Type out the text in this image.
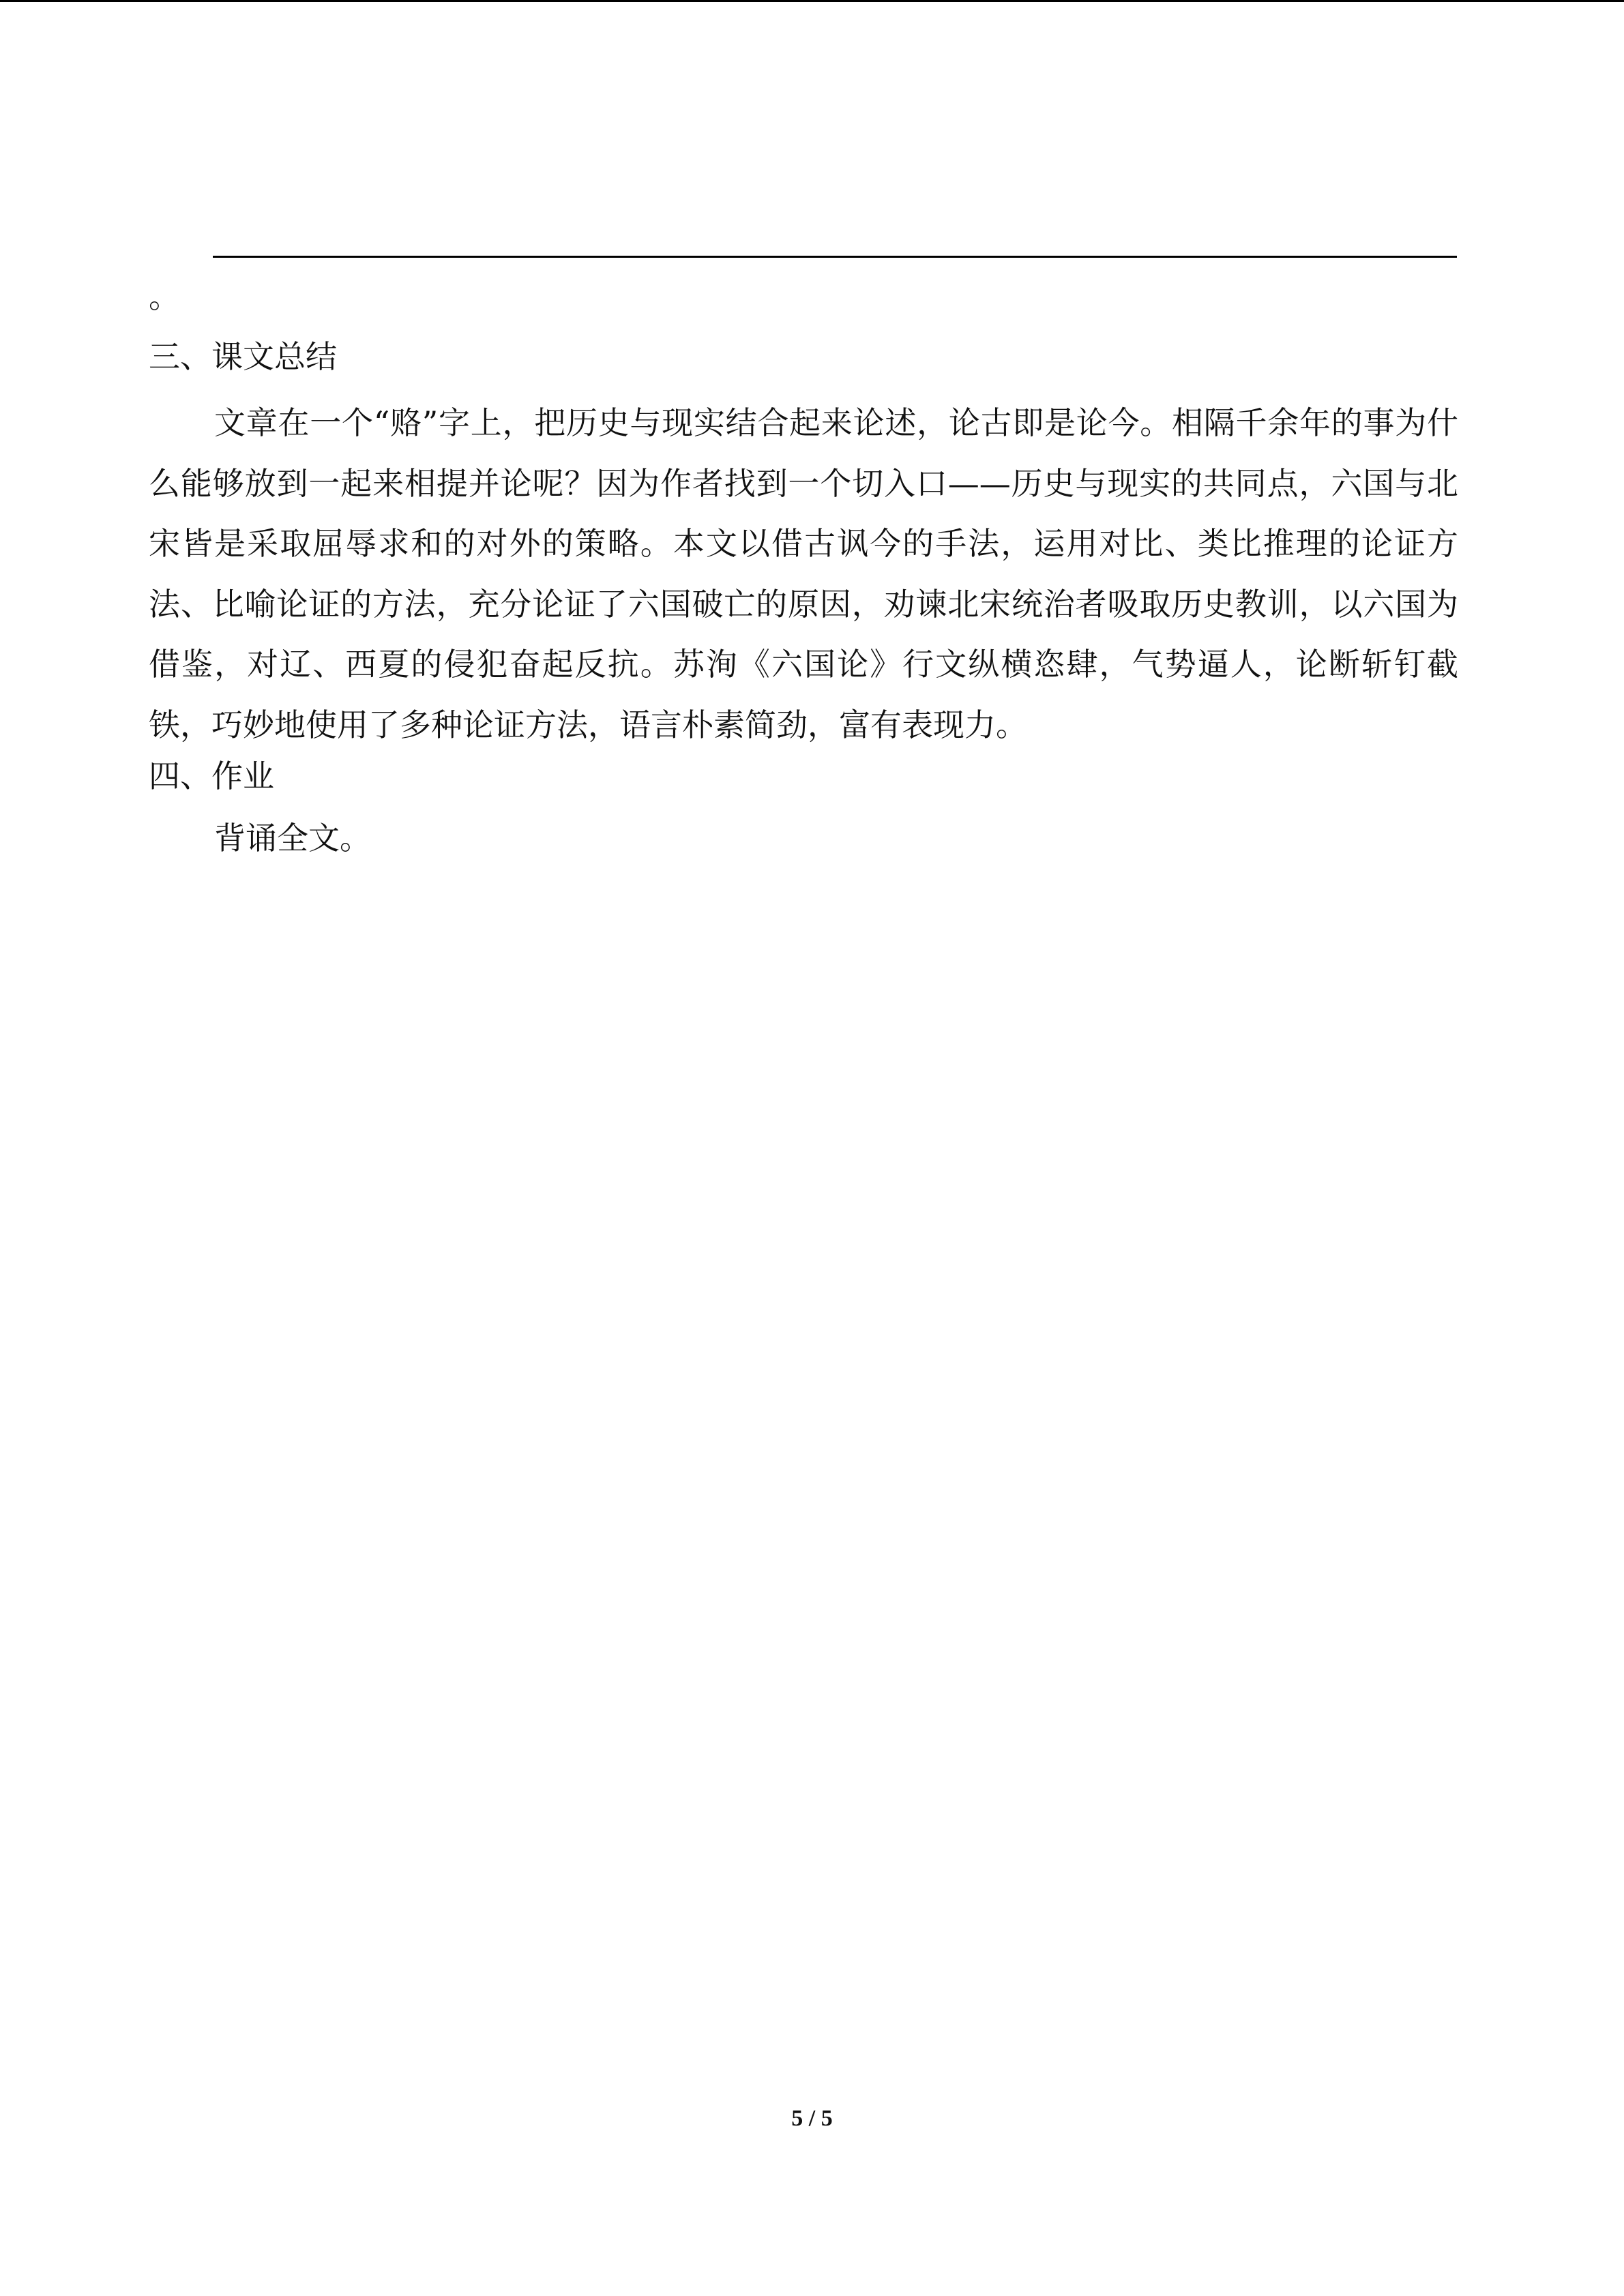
。
三、课文总结

文章在一个“赂”字上，把历史与现实结合起来论述，论古即是论今。相隔千余年的事为什么能够放到一起来相提并论呢？因为作者找到一个切入口——历史与现实的共同点，六国与北宋皆是采取屈辱求和的对外的策略。本文以借古讽今的手法，运用对比、类比推理的论证方法、比喻论证的方法，充分论证了六国破亡的原因，劝谏北宋统治者吸取历史教训，以六国为借鉴，对辽、西夏的侵犯奋起反抗。苏洵《六国论》行文纵横恣肆，气势逼人，论断斩钉截铁，巧妙地使用了多种论证方法，语言朴素简劲，富有表现力。

四、作业
背诵全文。
5 / 5
